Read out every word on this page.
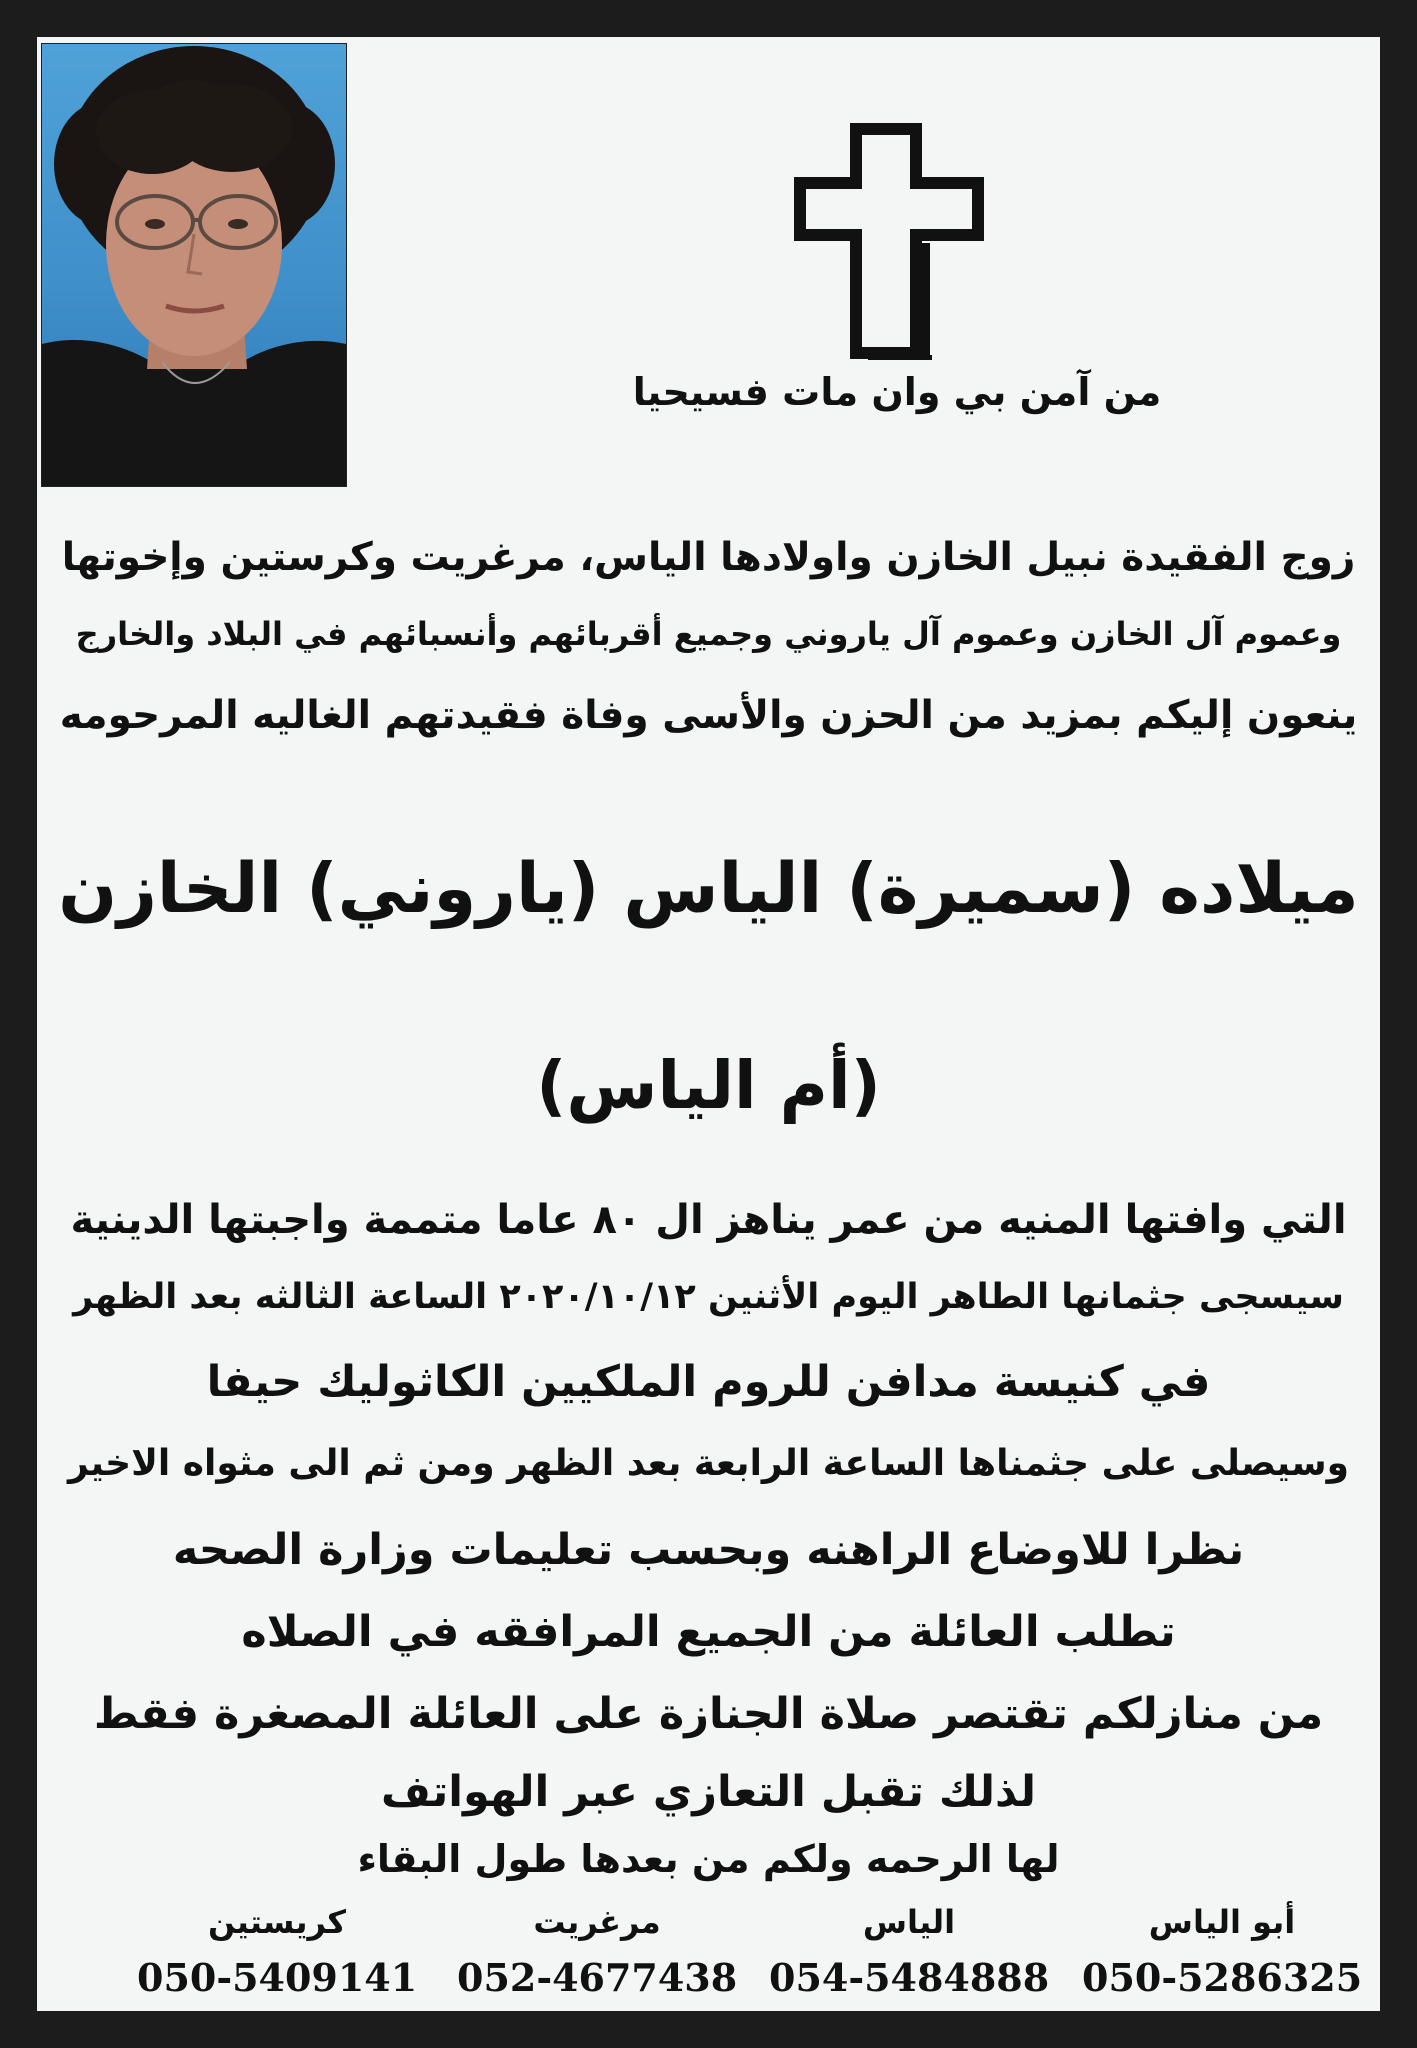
من آمن بي وان مات فسيحيا
زوج الفقيدة نبيل الخازن واولادها الياس، مرغريت وكرستين وإخوتها
وعموم آل الخازن وعموم آل ياروني وجميع أقربائهم وأنسبائهم في البلاد والخارج
ينعون إليكم بمزيد من الحزن والأسى وفاة فقيدتهم الغاليه المرحومه
ميلاده (سميرة) الياس (ياروني) الخازن
(أم الياس)
التي وافتها المنيه من عمر يناهز ال ٨٠ عاما متممة واجبتها الدينية
سيسجى جثمانها الطاهر اليوم الأثنين ٢٠٢٠/١٠/١٢ الساعة الثالثه بعد الظهر
في كنيسة مدافن للروم الملكيين الكاثوليك حيفا
وسيصلى على جثمناها الساعة الرابعة بعد الظهر ومن ثم الى مثواه الاخير
نظرا للاوضاع الراهنه وبحسب تعليمات وزارة الصحه
تطلب العائلة من الجميع المرافقه في الصلاه
من منازلكم تقتصر صلاة الجنازة على العائلة المصغرة فقط
لذلك تقبل التعازي عبر الهواتف
لها الرحمه ولكم من بعدها طول البقاء
أبو الياس
050-5286325
الياس
054-5484888
مرغريت
052-4677438
كريستين
050-5409141
